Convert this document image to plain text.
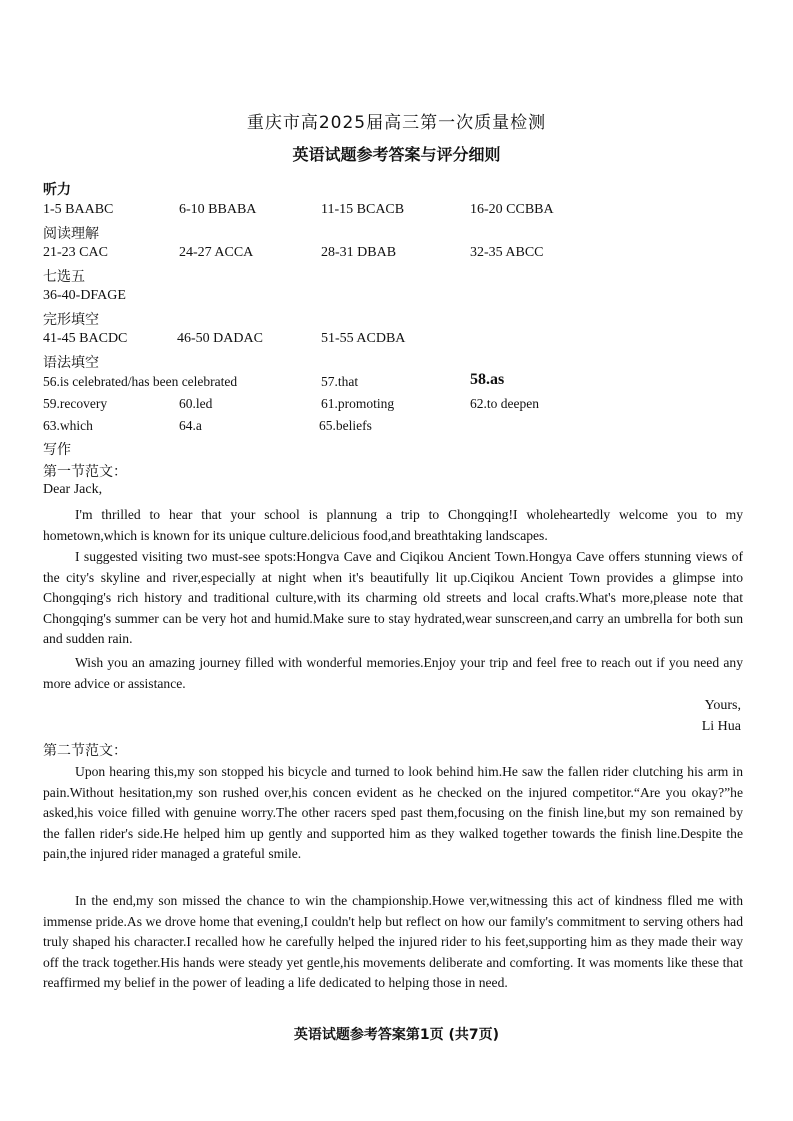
重庆市高2025届高三第一次质量检测
英语试题参考答案与评分细则
听力
1-5 BAABC	6-10 BBABA	11-15 BCACB	16-20 CCBBA
阅读理解
21-23 CAC	24-27 ACCA	28-31 DBAB	32-35 ABCC
七选五
36-40-DFAGE
完形填空
41-45 BACDC	46-50 DADAC	51-55 ACDBA
语法填空
56.is celebrated/has been celebrated	57.that	58.as
59.recovery	60.led	61.promoting	62.to deepen
63.which	64.a	65.beliefs
写作
第一节范文：
Dear Jack,
I'm thrilled to hear that your school is plannung a trip to Chongqing!I wholeheartedly welcome you to my hometown,which is known for its unique culture.delicious food,and breathtaking landscapes.
I suggested visiting two must-see spots:Hongva Cave and Ciqikou Ancient Town.Hongya Cave offers stunning views of the city's skyline and river,especially at night when it's beautifully lit up.Ciqikou Ancient Town provides a glimpse into Chongqing's rich history and traditional culture,with its charming old streets and local crafts.What's more,please note that Chongqing's summer can be very hot and humid.Make sure to stay hydrated,wear sunscreen,and carry an umbrella for both sun and sudden rain.
Wish you an amazing journey filled with wonderful memories.Enjoy your trip and feel free to reach out if you need any more advice or assistance.
Yours,
Li Hua
第二节范文：
Upon hearing this,my son stopped his bicycle and turned to look behind him.He saw the fallen rider clutching his arm in pain.Without hesitation,my son rushed over,his concen evident as he checked on the injured competitor.“Are you okay?”he asked,his voice filled with genuine worry.The other racers sped past them,focusing on the finish line,but my son remained by the fallen rider's side.He helped him up gently and supported him as they walked together towards the finish line.Despite the pain,the injured rider managed a grateful smile.
In the end,my son missed the chance to win the championship.Howe ver,witnessing this act of kindness flled me with immense pride.As we drove home that evening,I couldn't help but reflect on how our family's commitment to serving others had truly shaped his character.I recalled how he carefully helped the injured rider to his feet,supporting him as they made their way off the track together.His hands were steady yet gentle,his movements deliberate and comforting. It was moments like these that reaffirmed my belief in the power of leading a life dedicated to helping those in need.
英语试题参考答案第1页 (共7页)
